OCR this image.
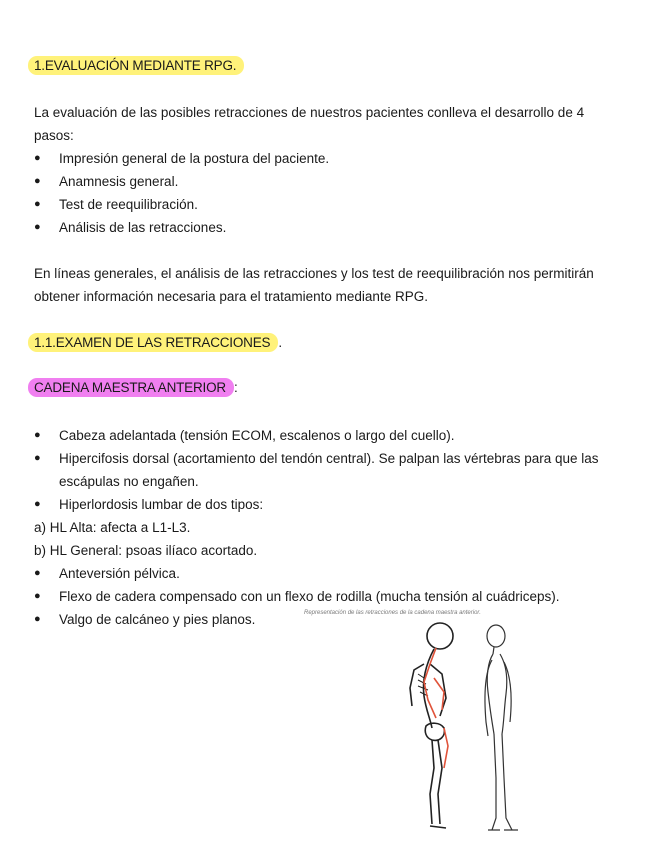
1.EVALUACIÓN MEDIANTE RPG.
La evaluación de las posibles retracciones de nuestros pacientes conlleva el desarrollo de 4 pasos:
● Impresión general de la postura del paciente.
● Anamnesis general.
● Test de reequilibración.
● Análisis de las retracciones.
En líneas generales, el análisis de las retracciones y los test de reequilibración nos permitirán obtener información necesaria para el tratamiento mediante RPG.
1.1.EXAMEN DE LAS RETRACCIONES .
CADENA MAESTRA ANTERIOR :
● Cabeza adelantada (tensión ECOM, escalenos o largo del cuello).
● Hipercifosis dorsal (acortamiento del tendón central). Se palpan las vértebras para que las escápulas no engañen.
● Hiperlordosis lumbar de dos tipos:
a) HL Alta: afecta a L1-L3.
b) HL General: psoas ilíaco acortado.
● Anteversión pélvica.
● Flexo de cadera compensado con un flexo de rodilla (mucha tensión al cuádriceps).
● Valgo de calcáneo y pies planos.	Representación de las retracciones de la cadena maestra anterior.
